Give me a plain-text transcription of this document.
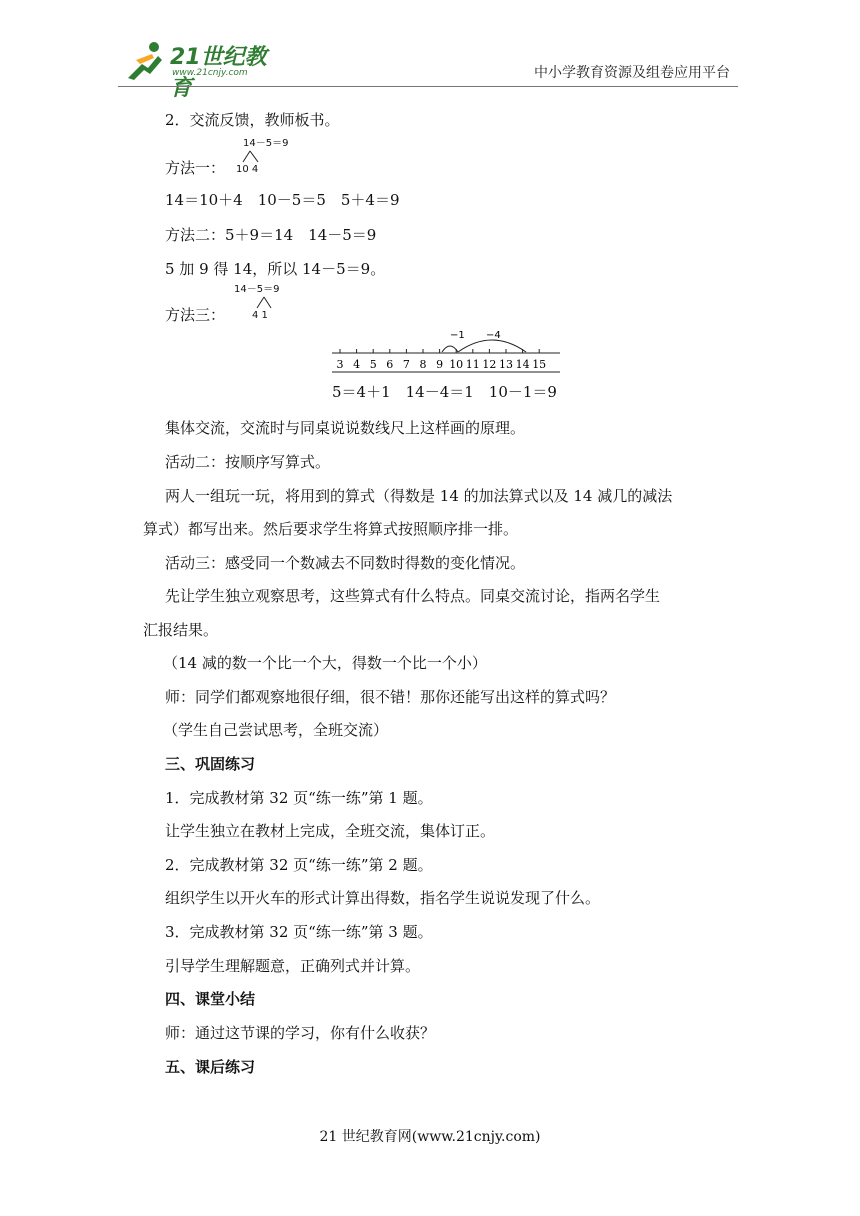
21世纪教育
www.21cnjy.com	中小学教育资源及组卷应用平台
2．交流反馈，教师板书。
14－5＝9
方法一： 10 4
14＝10＋4　10－5＝5　5＋4＝9
方法二：5＋9＝14　14－5＝9
5 加 9 得 14，所以 14－5＝9。
14－5＝9
方法三：	4 1
−1 −4
3 4 5 6 7 8 9 10 11 12 13 14 15
5＝4＋1　14－4＝1　10－1＝9
集体交流，交流时与同桌说说数线尺上这样画的原理。
活动二：按顺序写算式。
两人一组玩一玩，将用到的算式（得数是 14 的加法算式以及 14 减几的减法
算式）都写出来。然后要求学生将算式按照顺序排一排。
活动三：感受同一个数减去不同数时得数的变化情况。
先让学生独立观察思考，这些算式有什么特点。同桌交流讨论，指两名学生
汇报结果。
（14 减的数一个比一个大，得数一个比一个小）
师：同学们都观察地很仔细，很不错！那你还能写出这样的算式吗？
（学生自己尝试思考，全班交流）
三、巩固练习
1．完成教材第 32 页“练一练”第 1 题。
让学生独立在教材上完成，全班交流，集体订正。
2．完成教材第 32 页“练一练”第 2 题。
组织学生以开火车的形式计算出得数，指名学生说说发现了什么。
3．完成教材第 32 页“练一练”第 3 题。
引导学生理解题意，正确列式并计算。
四、课堂小结
师：通过这节课的学习，你有什么收获？
五、课后练习
21 世纪教育网(www.21cnjy.com)
